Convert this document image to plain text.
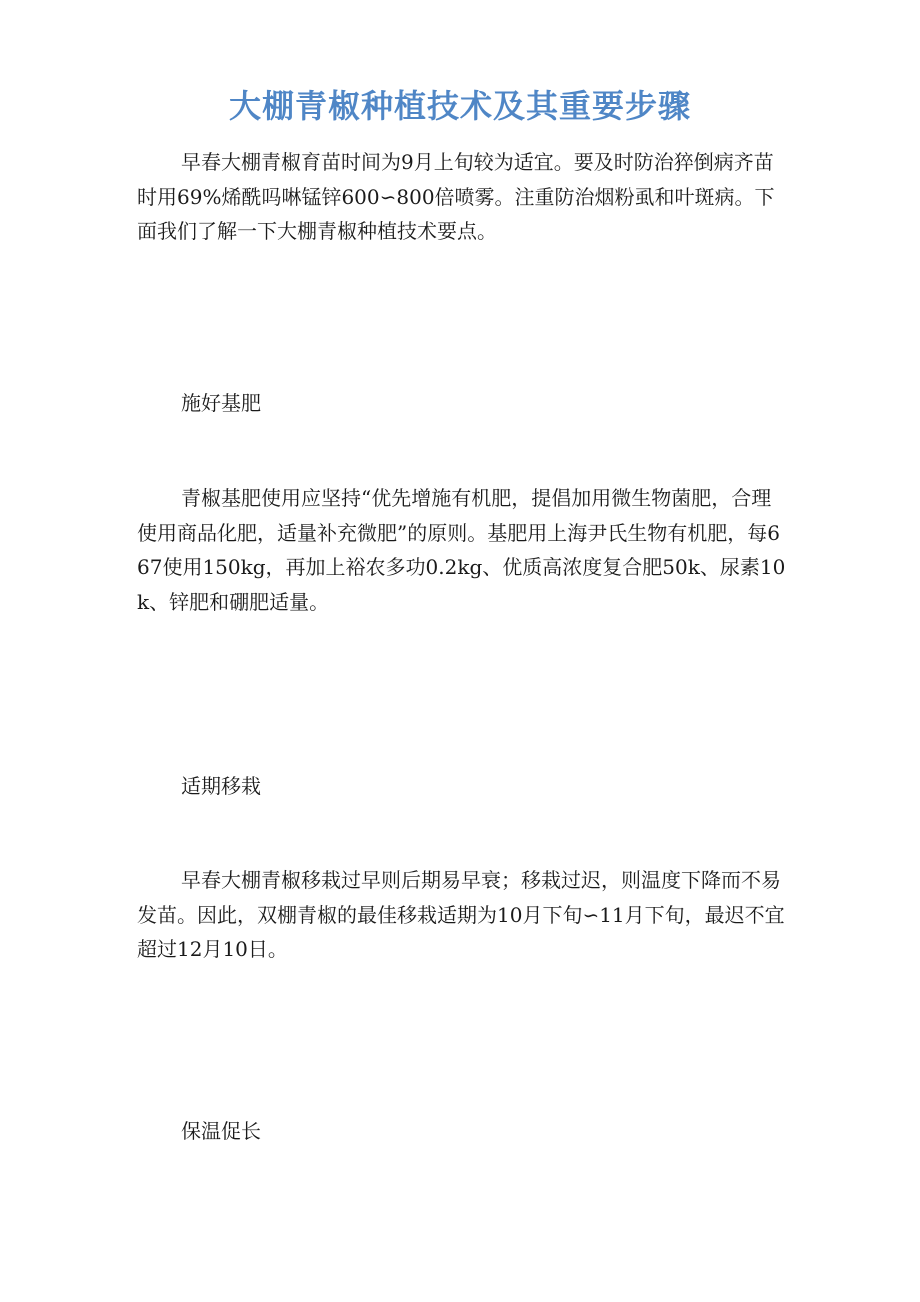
大棚青椒种植技术及其重要步骤

早春大棚青椒育苗时间为9月上旬较为适宜。要及时防治猝倒病齐苗时用69%烯酰吗啉锰锌600∽800倍喷雾。注重防治烟粉虱和叶斑病。下面我们了解一下大棚青椒种植技术要点。

施好基肥

青椒基肥使用应坚持“优先增施有机肥，提倡加用微生物菌肥，合理使用商品化肥，适量补充微肥”的原则。基肥用上海尹氏生物有机肥，每667使用150kg，再加上裕农多功0.2kg、优质高浓度复合肥50k、尿素10k、锌肥和硼肥适量。

适期移栽

早春大棚青椒移栽过早则后期易早衰；移栽过迟，则温度下降而不易发苗。因此，双棚青椒的最佳移栽适期为10月下旬∽11月下旬，最迟不宜超过12月10日。

保温促长
